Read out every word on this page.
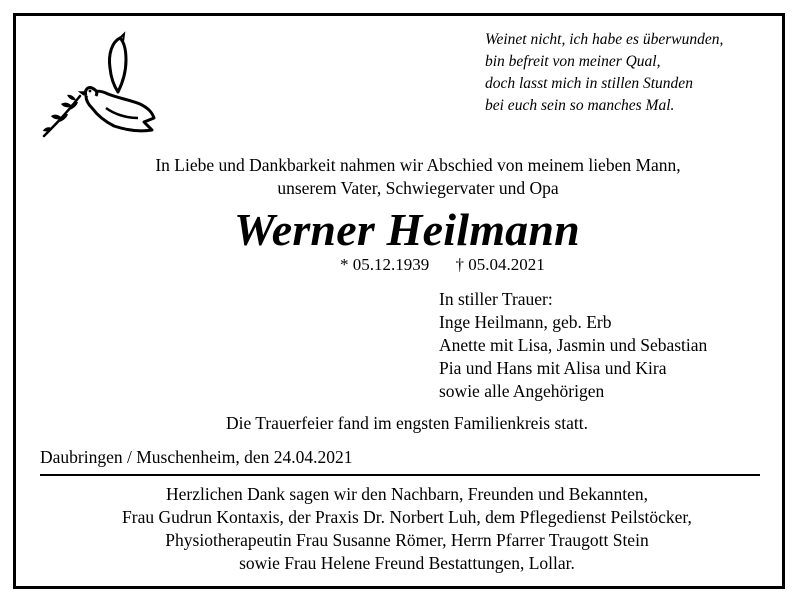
Weinet nicht, ich habe es überwunden,
bin befreit von meiner Qual,
doch lasst mich in stillen Stunden
bei euch sein so manches Mal.
In Liebe und Dankbarkeit nahmen wir Abschied von meinem lieben Mann,
unserem Vater, Schwiegervater und Opa
Werner Heilmann
* 05.12.1939 † 05.04.2021
In stiller Trauer:
Inge Heilmann, geb. Erb
Anette mit Lisa, Jasmin und Sebastian
Pia und Hans mit Alisa und Kira
sowie alle Angehörigen
Die Trauerfeier fand im engsten Familienkreis statt.
Daubringen / Muschenheim, den 24.04.2021
Herzlichen Dank sagen wir den Nachbarn, Freunden und Bekannten,
Frau Gudrun Kontaxis, der Praxis Dr. Norbert Luh, dem Pflegedienst Peilstöcker,
Physiotherapeutin Frau Susanne Römer, Herrn Pfarrer Traugott Stein
sowie Frau Helene Freund Bestattungen, Lollar.
